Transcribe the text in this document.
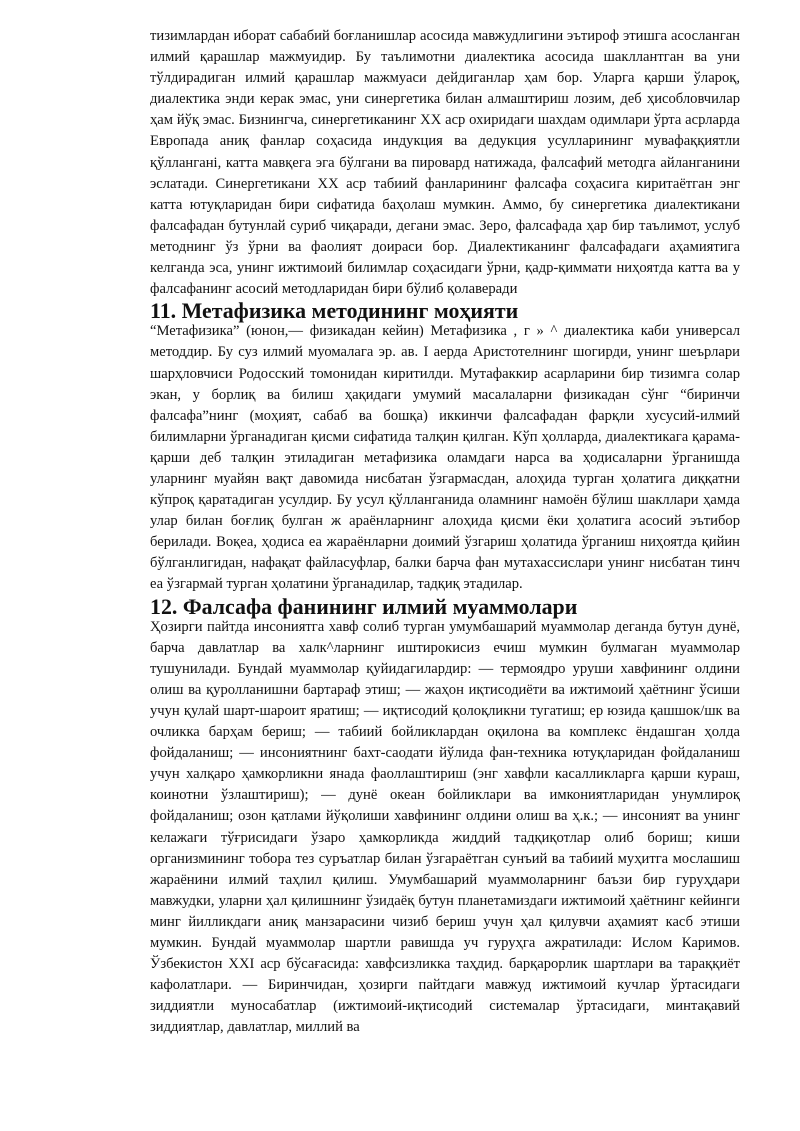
тизимлардан иборат сабабий боғланишлар асосида мавжудлигини эътироф этишга асосланган илмий қарашлар мажмуидир. Бу таълимотни диалектика асосида шакллантган ва уни тўлдирадиган илмий қарашлар мажмуаси дейдиганлар ҳам бор. Уларга қарши ўлароқ, диалектика энди керак эмас, уни синергетика билан алмаштириш лозим, деб ҳисобловчилар ҳам йўқ эмас. Бизнингча, синергетиканинг XX аср охиридаги шахдам одимлари ўрта асрларда Европада аниқ фанлар соҳасида индукция ва дедукция усулларининг мувафаққиятли қўлланганi, катта мавқега эга бўлгани ва пировард натижада, фалсафий методга айланганини эслатади. Синергетикани XX аср табиий фанларининг фалсафа соҳасига киритаётган энг катта ютуқларидан бири сифатида баҳолаш мумкин. Аммо, бу синергетика диалектикани фалсафадан бутунлай суриб чиқаради, дегани эмас. Зеро, фалсафада ҳар бир таълимот, услуб методнинг ўз ўрни ва фаолият доираси бор. Диалектиканинг фалсафадаги аҳамиятига келганда эса, унинг ижтимоий билимлар соҳасидаги ўрни, қадр-қиммати ниҳоятда катта ва у фалсафанинг асосий методларидан бири бўлиб қолаверади

11. Метафизика методининг моҳияти

“Метафизика” (юнон,— физикадан кейин) Метафизика , г » ^ диалектика каби универсал методдир. Бу суз илмий муомалага эр. ав. I аерда Аристотелнинг шогирди, унинг шеърлари шарҳловчиси Родосский томонидан киритилди. Мутафаккир асарларини бир тизимга солар экан, у борлиқ ва билиш ҳақидаги умумий масалаларни физикадан сўнг “биринчи фалсафа”нинг (моҳият, сабаб ва бошқа) иккинчи фалсафадан фарқли хусусий-илмий билимларни ўрганадиган қисми сифатида талқин қилган. Кўп ҳолларда, диалектикага қарама-қарши деб талқин этиладиган метафизика оламдаги нарса ва ҳодисаларни ўрганишда уларнинг муайян вақт давомида нисбатан ўзгармасдан, алоҳида турган ҳолатига диққатни кўпроқ қаратадиган усулдир. Бу усул қўлланганида оламнинг намоён бўлиш шакллари ҳамда улар билан боғлиқ булган ж араёнларнинг алоҳида қисми ёки ҳолатига асосий эътибор берилади. Воқеа, ҳодиса еа жараёнларни доимий ўзгариш ҳолатида ўрганиш ниҳоятда қийин бўлганлигидан, нафақат файласуфлар, балки барча фан мутахассислари унинг нисбатан тинч еа ўзгармай турган ҳолатини ўрганадилар, тадқиқ этадилар.

12. Фалсафа фанининг илмий муаммолари

Ҳозирги пайтда инсониятга хавф солиб турган умумбашарий муаммолар деганда бутун дунё, барча давлатлар ва халк^ларнинг иштирокисиз ечиш мумкин булмаган муаммолар тушунилади. Бундай муаммолар қуйидагилардир: — термоядро уруши хавфининг олдини олиш ва қуролланишни бартараф этиш; — жаҳон иқтисодиёти ва ижтимоий ҳаётнинг ўсиши учун қулай шарт-шароит яратиш; — иқтисодий қолоқликни тугатиш; ер юзида қашшок/шк ва очликка барҳам бериш; — табиий бойликлардан оқилона ва комплекс ёндашган ҳолда фойдаланиш; — инсониятнинг бахт-саодати йўлида фан-техника ютуқларидан фойдаланиш учун халқаро ҳамкорликни янада фаоллаштириш (энг хавфли касалликларга қарши кураш, коинотни ўзлаштириш); — дунё океан бойликлари ва имкониятларидан унумлироқ фойдаланиш; озон қатлами йўқолиши хавфининг олдини олиш ва ҳ.к.; — инсоният ва унинг келажаги тўғрисидаги ўзаро ҳамкорликда жиддий тадқиқотлар олиб бориш; киши организмининг тобора тез суръатлар билан ўзгараётган сунъий ва табиий муҳитга мослашиш жараёнини илмий таҳлил қилиш. Умумбашарий муаммоларнинг баъзи бир гуруҳдари мавжудки, уларни ҳал қилишнинг ўзидаёқ бутун планетамиздаги ижтимоий ҳаётнинг кейинги минг йилликдаги аниқ манзарасини чизиб бериш учун ҳал қилувчи аҳамият касб этиши мумкин. Бундай муаммолар шартли равишда уч гуруҳга ажратилади: Ислом Каримов. Ўзбекистон XXI аср бўсағасида: хавфсизликка таҳдид. барқарорлик шартлари ва тараққиёт кафолатлари. — Биринчидан, ҳозирги пайтдаги мавжуд ижтимоий кучлар ўртасидаги зиддиятли муносабатлар (ижтимоий-иқтисодий системалар ўртасидаги, минтақавий зиддиятлар, давлатлар, миллий ва
